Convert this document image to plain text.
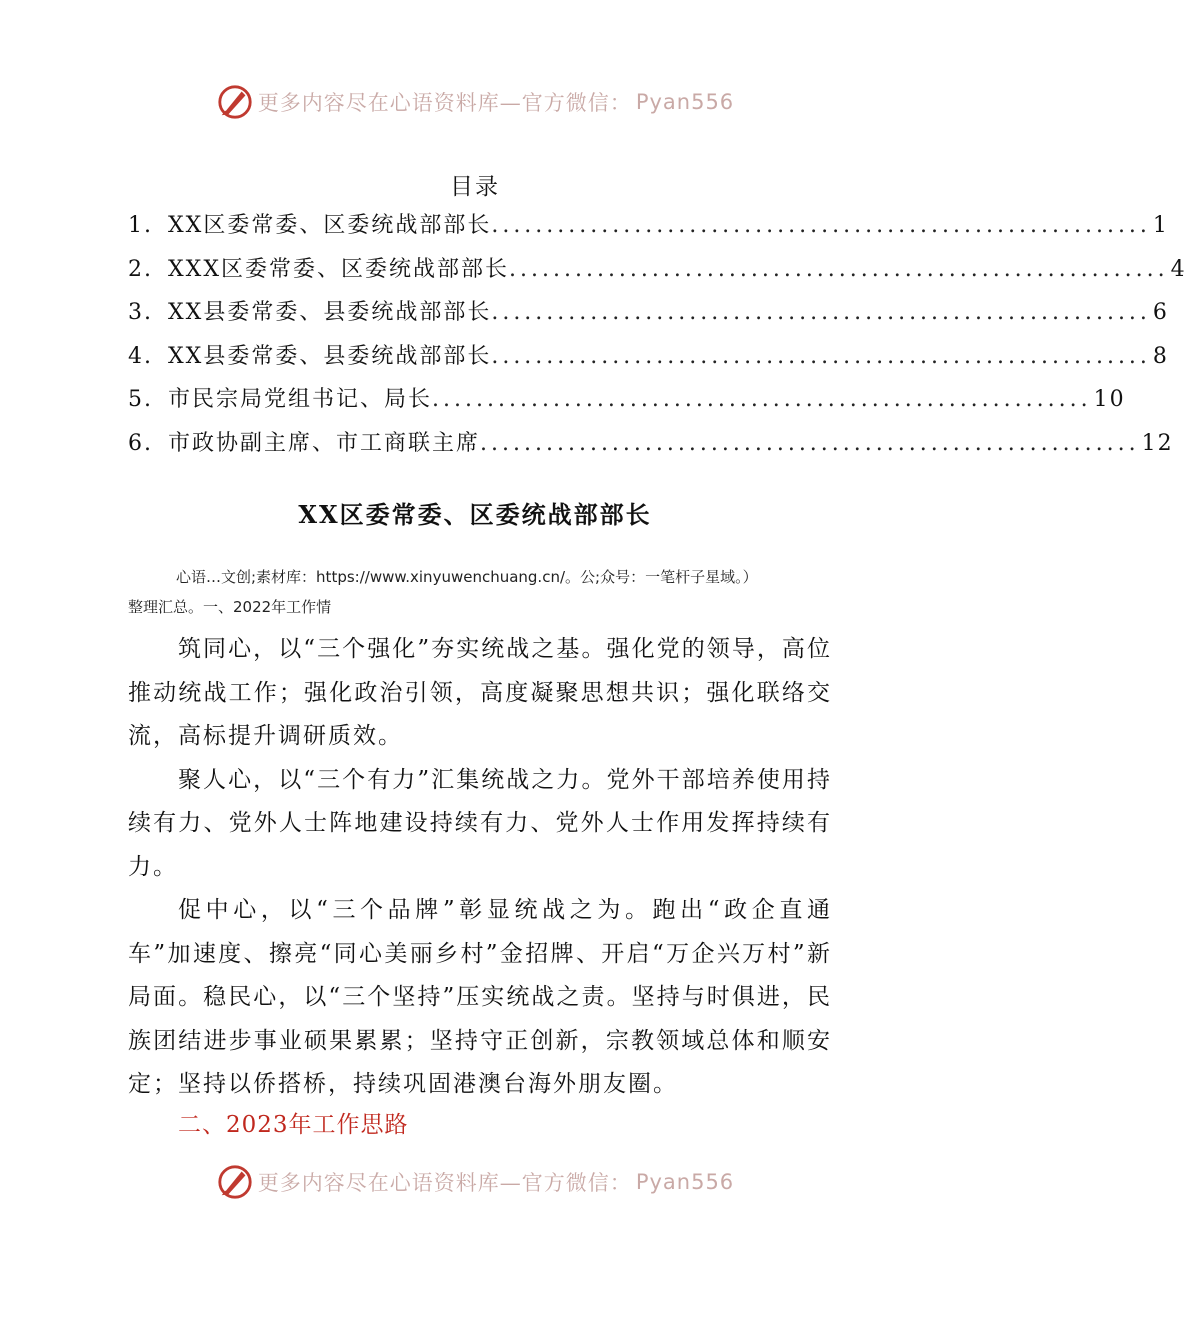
更多内容尽在心语资料库—官方微信： Pyan556
目录
1. XX区委常委、区委统战部部长 ............................................................ 1
2. XXX区委常委、区委统战部部长 ............................................................ 4
3. XX县委常委、县委统战部部长 ............................................................ 6
4. XX县委常委、县委统战部部长 ............................................................ 8
5. 市民宗局党组书记、局长 ............................................................ 10
6. 市政协副主席、市工商联主席 ............................................................ 12
XX区委常委、区委统战部部长
心语…文创;素材库：https://www.xinyuwenchuang.cn/。公;众号：一笔杆子星域。）
整理汇总。一、2022年工作情

筑同心，以“三个强化”夯实统战之基。强化党的领导，高位推动统战工作；强化政治引领，高度凝聚思想共识；强化联络交流，高标提升调研质效。

聚人心，以“三个有力”汇集统战之力。党外干部培养使用持续有力、党外人士阵地建设持续有力、党外人士作用发挥持续有力。

促中心，以“三个品牌”彰显统战之为。跑出“政企直通车”加速度、擦亮“同心美丽乡村”金招牌、开启“万企兴万村”新局面。稳民心，以“三个坚持”压实统战之责。坚持与时俱进，民族团结进步事业硕果累累；坚持守正创新，宗教领域总体和顺安定；坚持以侨搭桥，持续巩固港澳台海外朋友圈。

二、2023年工作思路
更多内容尽在心语资料库—官方微信： Pyan556
